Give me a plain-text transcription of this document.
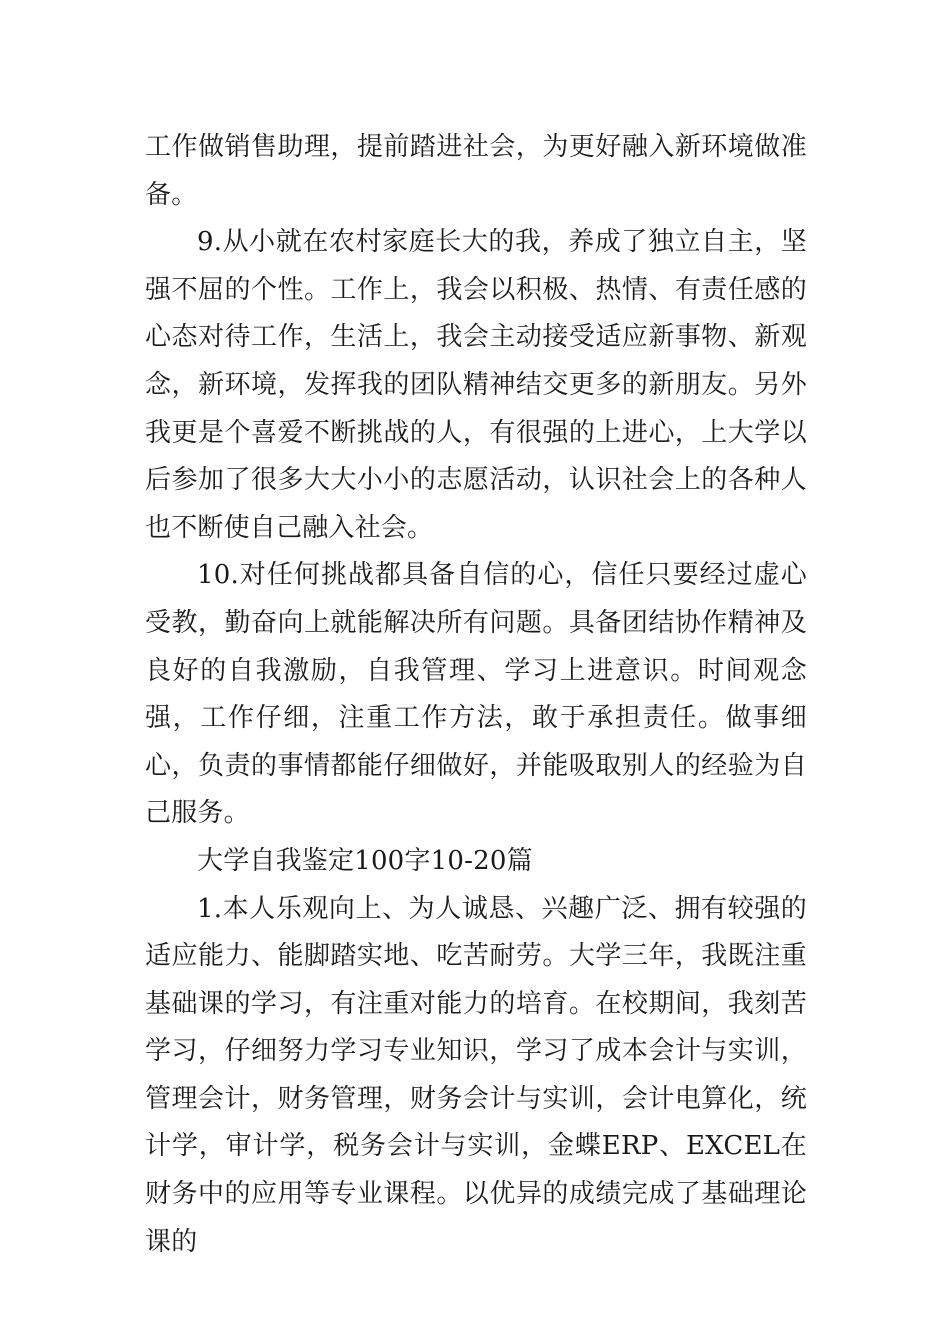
工作做销售助理，提前踏进社会，为更好融入新环境做准备。

9.从小就在农村家庭长大的我，养成了独立自主，坚强不屈的个性。工作上，我会以积极、热情、有责任感的心态对待工作，生活上，我会主动接受适应新事物、新观念，新环境，发挥我的团队精神结交更多的新朋友。另外我更是个喜爱不断挑战的人，有很强的上进心，上大学以后参加了很多大大小小的志愿活动，认识社会上的各种人也不断使自己融入社会。

10.对任何挑战都具备自信的心，信任只要经过虚心受教，勤奋向上就能解决所有问题。具备团结协作精神及良好的自我激励，自我管理、学习上进意识。时间观念强，工作仔细，注重工作方法，敢于承担责任。做事细心，负责的事情都能仔细做好，并能吸取别人的经验为自己服务。

大学自我鉴定100字10-20篇

1.本人乐观向上、为人诚恳、兴趣广泛、拥有较强的适应能力、能脚踏实地、吃苦耐劳。大学三年，我既注重基础课的学习，有注重对能力的培育。在校期间，我刻苦学习，仔细努力学习专业知识，学习了成本会计与实训，管理会计，财务管理，财务会计与实训，会计电算化，统计学，审计学，税务会计与实训，金蝶ERP、EXCEL在财务中的应用等专业课程。以优异的成绩完成了基础理论课的
